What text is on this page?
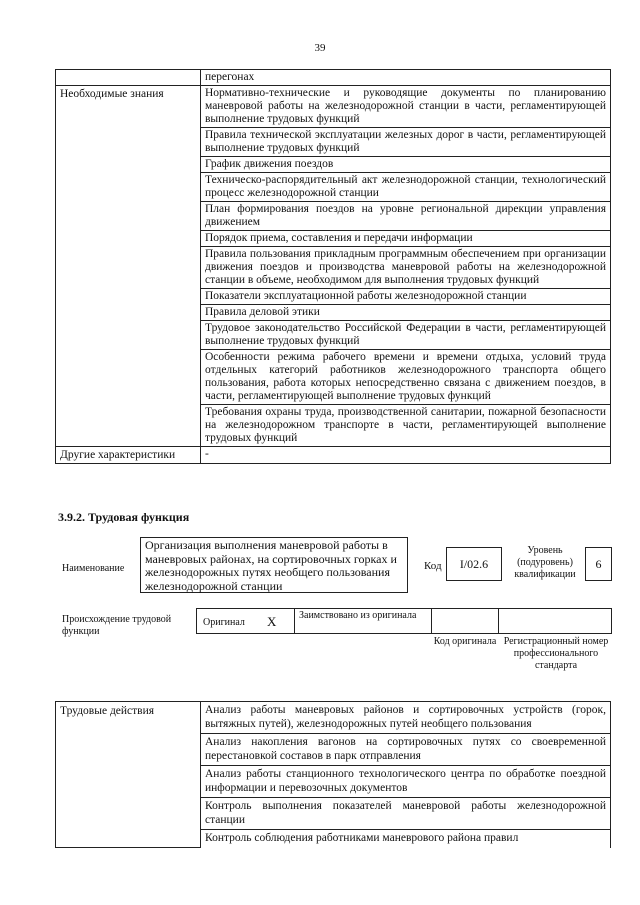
39
	перегонах
Необходимые знания	Нормативно-технические и руководящие документы по планированию маневровой работы на железнодорожной станции в части, регламентирующей выполнение трудовых функций
	Правила технической эксплуатации железных дорог в части, регламентирующей выполнение трудовых функций
	График движения поездов
	Техническо-распорядительный акт железнодорожной станции, технологический процесс железнодорожной станции
	План формирования поездов на уровне региональной дирекции управления движением
	Порядок приема, составления и передачи информации
	Правила пользования прикладным программным обеспечением при организации движения поездов и производства маневровой работы на железнодорожной станции в объеме, необходимом для выполнения трудовых функций
	Показатели эксплуатационной работы железнодорожной станции
	Правила деловой этики
	Трудовое законодательство Российской Федерации в части, регламентирующей выполнение трудовых функций
	Особенности режима рабочего времени и времени отдыха, условий труда отдельных категорий работников железнодорожного транспорта общего пользования, работа которых непосредственно связана с движением поездов, в части, регламентирующей выполнение трудовых функций
	Требования охраны труда, производственной санитарии, пожарной безопасности на железнодорожном транспорте в части, регламентирующей выполнение трудовых функций
Другие характеристики	-
3.9.2. Трудовая функция
Наименование
Организация выполнения маневровой работы в маневровых районах, на сортировочных горках и железнодорожных путях необщего пользования железнодорожной станции
Код	I/02.6
Уровень (подуровень) квалификации
6
Происхождение трудовой функции
Оригинал X	Заимствовано из оригинала
Код оригинала Регистрационный номер профессионального стандарта
Трудовые действия	Анализ работы маневровых районов и сортировочных устройств (горок, вытяжных путей), железнодорожных путей необщего пользования
Анализ накопления вагонов на сортировочных путях со своевременной перестановкой составов в парк отправления
Анализ работы станционного технологического центра по обработке поездной информации и перевозочных документов
Контроль выполнения показателей маневровой работы железнодорожной станции
Контроль соблюдения работниками маневрового района правил
